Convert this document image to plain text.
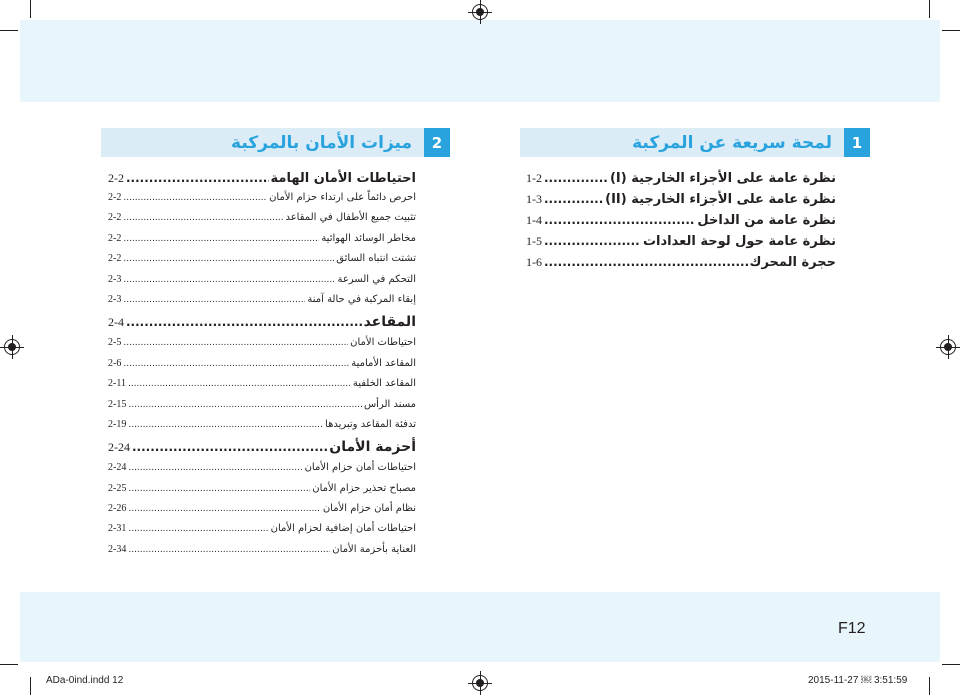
ميزات الأمان بالمركبة	2	لمحة سريعة عن المركبة	1
1-2 .....	نظرة عامة على الأجزاء الخارجية (I)
1-3 .....	نظرة عامة على الأجزاء الخارجية (II)
1-4 .....	نظرة عامة من الداخل
1-5 .....	نظرة عامة حول لوحة العدادات
1-6 .....	حجرة المحرك
2-2 .....	احتياطات الأمان الهامة
2-2 .....	احرص دائماً على ارتداء حزام الأمان
2-2 .....	تثبيت جميع الأطفال في المقاعد
2-2 .....	مخاطر الوسائد الهوائية
2-2 .....	تشتت انتباه السائق
2-3 .....	التحكم في السرعة
2-3 .....	إبقاء المركبة في حالة آمنة
2-4 .....	المقاعد
2-5 .....	احتياطات الأمان
2-6 .....	المقاعد الأمامية
2-11 .....	المقاعد الخلفية
2-15 .....	مسند الرأس
2-19 .....	تدفئة المقاعد وتبريدها
2-24 .....	أحزمة الأمان
2-24 .....	احتياطات أمان حزام الأمان
2-25 .....	مصباح تحذير حزام الأمان
2-26 .....	نظام أمان حزام الأمان
2-31 .....	احتياطات أمان إضافية لحزام الأمان
2-34 .....	العناية بأحزمة الأمان
F12
ADa-0ind.indd 12	2015-11-27 ￼ 3:51:59
